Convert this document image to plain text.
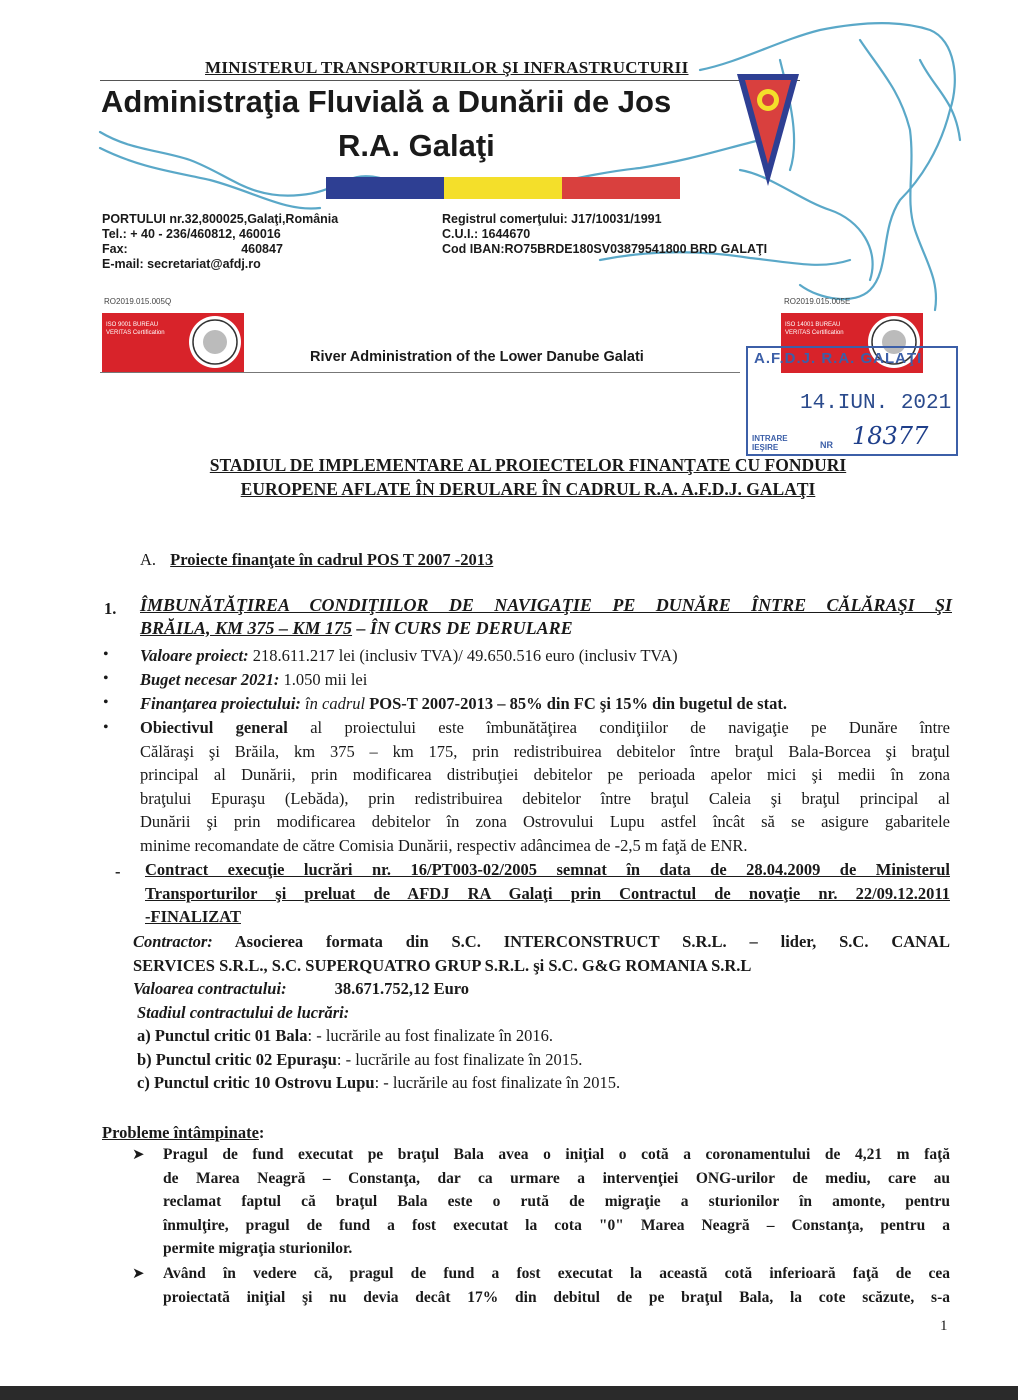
MINISTERUL TRANSPORTURILOR ŞI INFRASTRUCTURII
Administraţia Fluvială a Dunării de Jos
R.A. Galaţi
PORTULUI nr.32,800025,Galaţi,România
Tel.: + 40 - 236/460812, 460016
Fax:	460847
E-mail: secretariat@afdj.ro
Registrul comerţului: J17/10031/1991
C.U.I.: 1644670
Cod IBAN:RO75BRDE180SV03879541800 BRD GALAŢI
RO2019.015.005Q
ISO 9001 BUREAU VERITAS Certification
RO2019.015.005E
ISO 14001 BUREAU VERITAS Certification
River Administration of the Lower Danube Galati	A.F.D.J. R.A. GALAŢI
14.IUN. 2021
INTRARE
IEŞIRE	NR 18377
STADIUL DE IMPLEMENTARE AL PROIECTELOR FINANŢATE CU FONDURI
EUROPENE AFLATE ÎN DERULARE ÎN CADRUL R.A. A.F.D.J. GALAŢI
A. Proiecte finanţate în cadrul POS T 2007 -2013
1. ÎMBUNĂTĂŢIREA CONDIŢIILOR DE NAVIGAŢIE PE DUNĂRE ÎNTRE CĂLĂRAŞI ŞI
BRĂILA, KM 375 – KM 175 – ÎN CURS DE DERULARE
• Valoare proiect: 218.611.217 lei (inclusiv TVA)/ 49.650.516 euro (inclusiv TVA)
• Buget necesar 2021: 1.050 mii lei
• Finanţarea proiectului: în cadrul POS-T 2007-2013 – 85% din FC şi 15% din bugetul de stat.
• Obiectivul general al proiectului este îmbunătăţirea condiţiilor de navigaţie pe Dunăre între
Călăraşi şi Brăila, km 375 – km 175, prin redistribuirea debitelor între braţul Bala-Borcea şi braţul
principal al Dunării, prin modificarea distribuţiei debitelor pe perioada apelor mici şi medii în zona
braţului Epuraşu (Lebăda), prin redistribuirea debitelor între braţul Caleia şi braţul principal al
Dunării şi prin modificarea debitelor în zona Ostrovului Lupu astfel încât să se asigure gabaritele
minime recomandate de către Comisia Dunării, respectiv adâncimea de -2,5 m faţă de ENR.
- Contract execuţie lucrări nr. 16/PT003-02/2005 semnat în data de 28.04.2009 de Ministerul
Transporturilor şi preluat de AFDJ RA Galaţi prin Contractul de novaţie nr. 22/09.12.2011
-FINALIZAT
Contractor: Asocierea formata din S.C. INTERCONSTRUCT S.R.L. – lider, S.C. CANAL
SERVICES S.R.L., S.C. SUPERQUATRO GRUP S.R.L. şi S.C. G&G ROMANIA S.R.L
Valoarea contractului:	38.671.752,12 Euro
Stadiul contractului de lucrări:
a) Punctul critic 01 Bala: - lucrările au fost finalizate în 2016.
b) Punctul critic 02 Epuraşu: - lucrările au fost finalizate în 2015.
c) Punctul critic 10 Ostrovu Lupu: - lucrările au fost finalizate în 2015.
Probleme întâmpinate:
➤ Pragul de fund executat pe braţul Bala avea o iniţial o cotă a coronamentului de 4,21 m faţă
de Marea Neagră – Constanţa, dar ca urmare a intervenţiei ONG-urilor de mediu, care au
reclamat faptul că braţul Bala este o rută de migraţie a sturionilor în amonte, pentru
înmulţire, pragul de fund a fost executat la cota "0" Marea Neagră – Constanţa, pentru a
permite migraţia sturionilor.
➤ Având în vedere că, pragul de fund a fost executat la această cotă inferioară faţă de cea
proiectată iniţial şi nu devia decât 17% din debitul de pe braţul Bala, la cote scăzute, s-a
1
